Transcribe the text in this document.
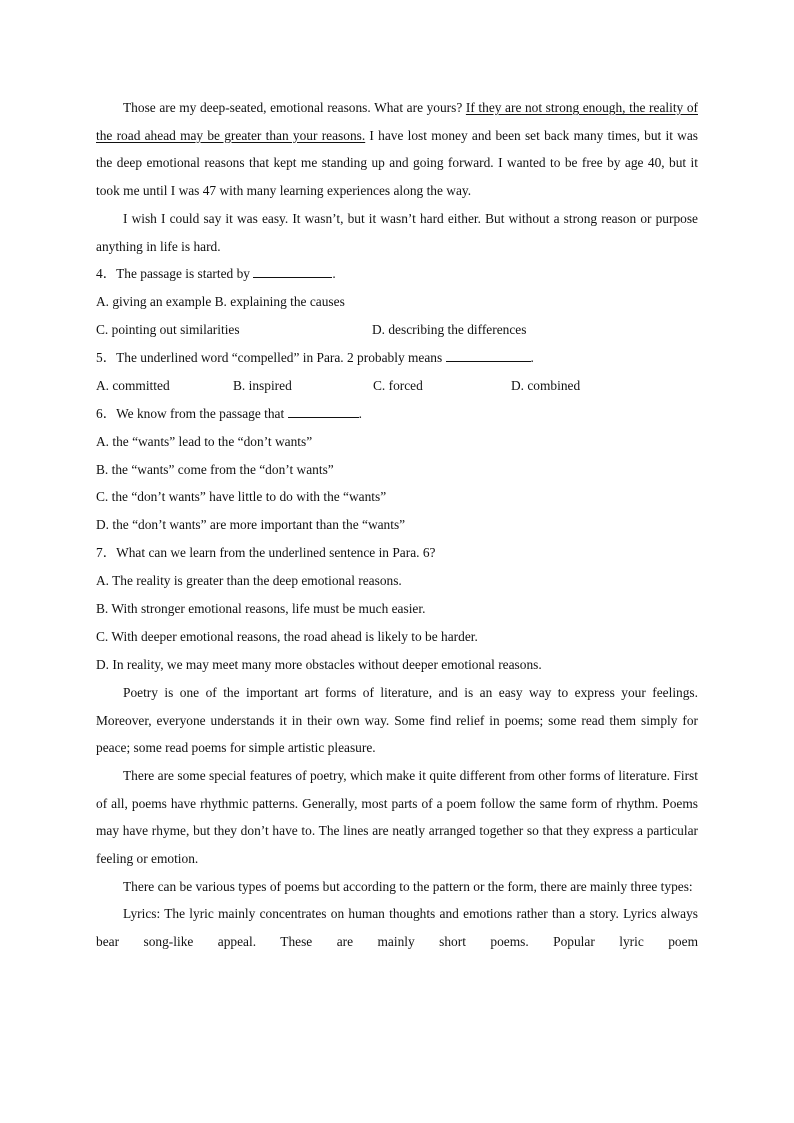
Those are my deep-seated, emotional reasons. What are yours? If they are not strong enough, the reality of the road ahead may be greater than your reasons. I have lost money and been set back many times, but it was the deep emotional reasons that kept me standing up and going forward. I wanted to be free by age 40, but it took me until I was 47 with many learning experiences along the way.

I wish I could say it was easy. It wasn’t, but it wasn’t hard either. But without a strong reason or purpose anything in life is hard.

4．The passage is started by	.

A. giving an example B. explaining the causes

C. pointing out similarities	D. describing the differences

5．The underlined word “compelled” in Para. 2 probably means	.

A. committed	B. inspired	C. forced	D. combined

6．We know from the passage that	.

A. the “wants” lead to the “don’t wants”

B. the “wants” come from the “don’t wants”

C. the “don’t wants” have little to do with the “wants”

D. the “don’t wants” are more important than the “wants”

7．What can we learn from the underlined sentence in Para. 6?

A. The reality is greater than the deep emotional reasons.

B. With stronger emotional reasons, life must be much easier.

C. With deeper emotional reasons, the road ahead is likely to be harder.

D. In reality, we may meet many more obstacles without deeper emotional reasons.

Poetry is one of the important art forms of literature, and is an easy way to express your feelings. Moreover, everyone understands it in their own way. Some find relief in poems; some read them simply for peace; some read poems for simple artistic pleasure.

There are some special features of poetry, which make it quite different from other forms of literature. First of all, poems have rhythmic patterns. Generally, most parts of a poem follow the same form of rhythm. Poems may have rhyme, but they don’t have to. The lines are neatly arranged together so that they express a particular feeling or emotion.

There can be various types of poems but according to the pattern or the form, there are mainly three types:

Lyrics: The lyric mainly concentrates on human thoughts and emotions rather than a story. Lyrics always bear song-like appeal. These are mainly short poems. Popular lyric poem
